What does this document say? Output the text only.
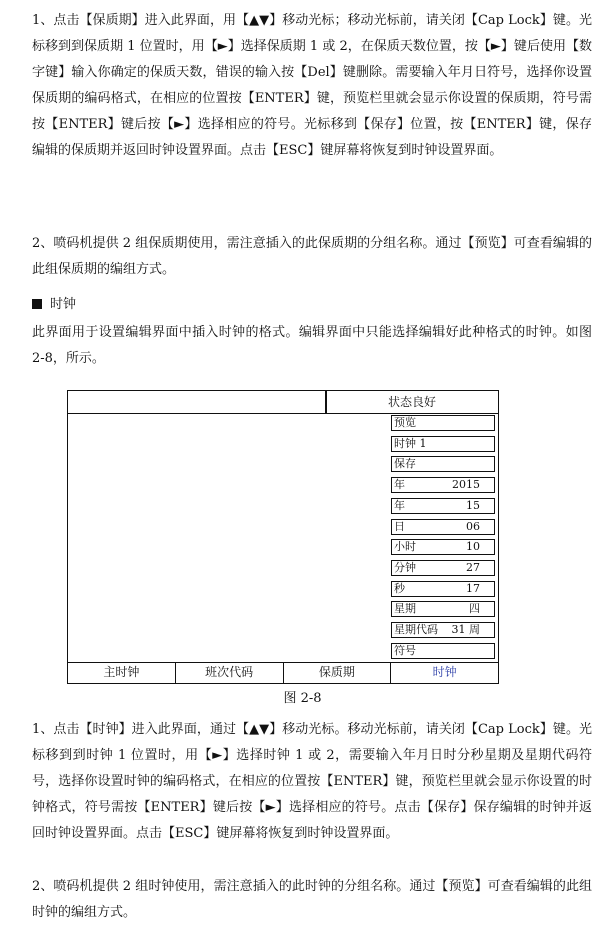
1、点击【保质期】进入此界面，用【▲▼】移动光标；移动光标前，请关闭【Cap Lock】键。光标移到到保质期 1 位置时，用【►】选择保质期 1 或 2，在保质天数位置，按【►】键后使用【数字键】输入你确定的保质天数，错误的输入按【Del】键删除。需要输入年月日符号，选择你设置保质期的编码格式，在相应的位置按【ENTER】键，预览栏里就会显示你设置的保质期，符号需按【ENTER】键后按【►】选择相应的符号。光标移到【保存】位置，按【ENTER】键，保存编辑的保质期并返回时钟设置界面。点击【ESC】键屏幕将恢复到时钟设置界面。

2、喷码机提供 2 组保质期使用，需注意插入的此保质期的分组名称。通过【预览】可查看编辑的此组保质期的编组方式。

时钟

此界面用于设置编辑界面中插入时钟的格式。编辑界面中只能选择编辑好此种格式的时钟。如图 2-8，所示。

状态良好
预览
时钟 1
保存
年	2015
年	15
日	06
小时	10
分钟	27
秒	17
星期	四
星期代码 31 周
符号
主时钟	班次代码	保质期	时钟
图 2-8

1、点击【时钟】进入此界面，通过【▲▼】移动光标。移动光标前，请关闭【Cap Lock】键。光标移到到时钟 1 位置时，用【►】选择时钟 1 或 2，需要输入年月日时分秒星期及星期代码符号，选择你设置时钟的编码格式，在相应的位置按【ENTER】键，预览栏里就会显示你设置的时钟格式，符号需按【ENTER】键后按【►】选择相应的符号。点击【保存】保存编辑的时钟并返回时钟设置界面。点击【ESC】键屏幕将恢复到时钟设置界面。

2、喷码机提供 2 组时钟使用，需注意插入的此时钟的分组名称。通过【预览】可查看编辑的此组时钟的编组方式。
